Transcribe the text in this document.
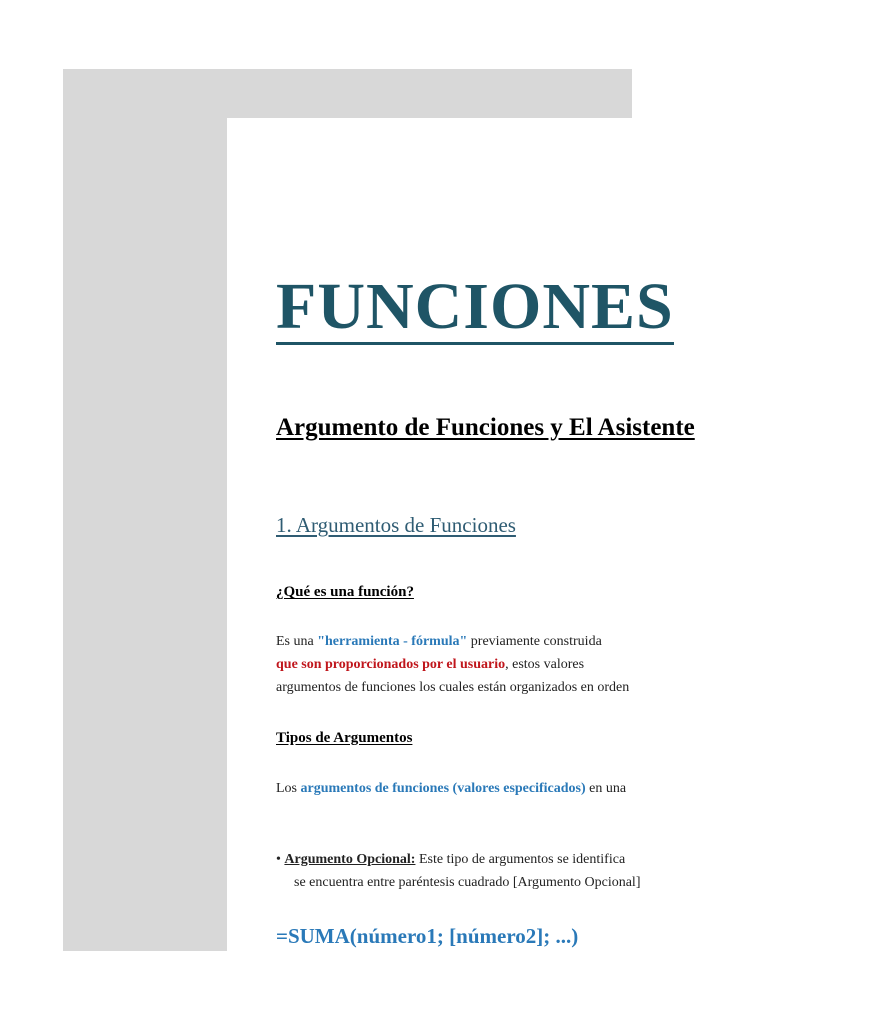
FUNCIONES
Argumento de Funciones y El Asistente
1. Argumentos de Funciones
¿Qué es una función?

Es una "herramienta - fórmula" previamente construida
que son proporcionados por el usuario, estos valores
argumentos de funciones los cuales están organizados en orden

Tipos de Argumentos

Los argumentos de funciones (valores especificados) en una

• Argumento Opcional: Este tipo de argumentos se identifica
se encuentra entre paréntesis cuadrado [Argumento Opcional]

=SUMA(número1; [número2]; ...)
